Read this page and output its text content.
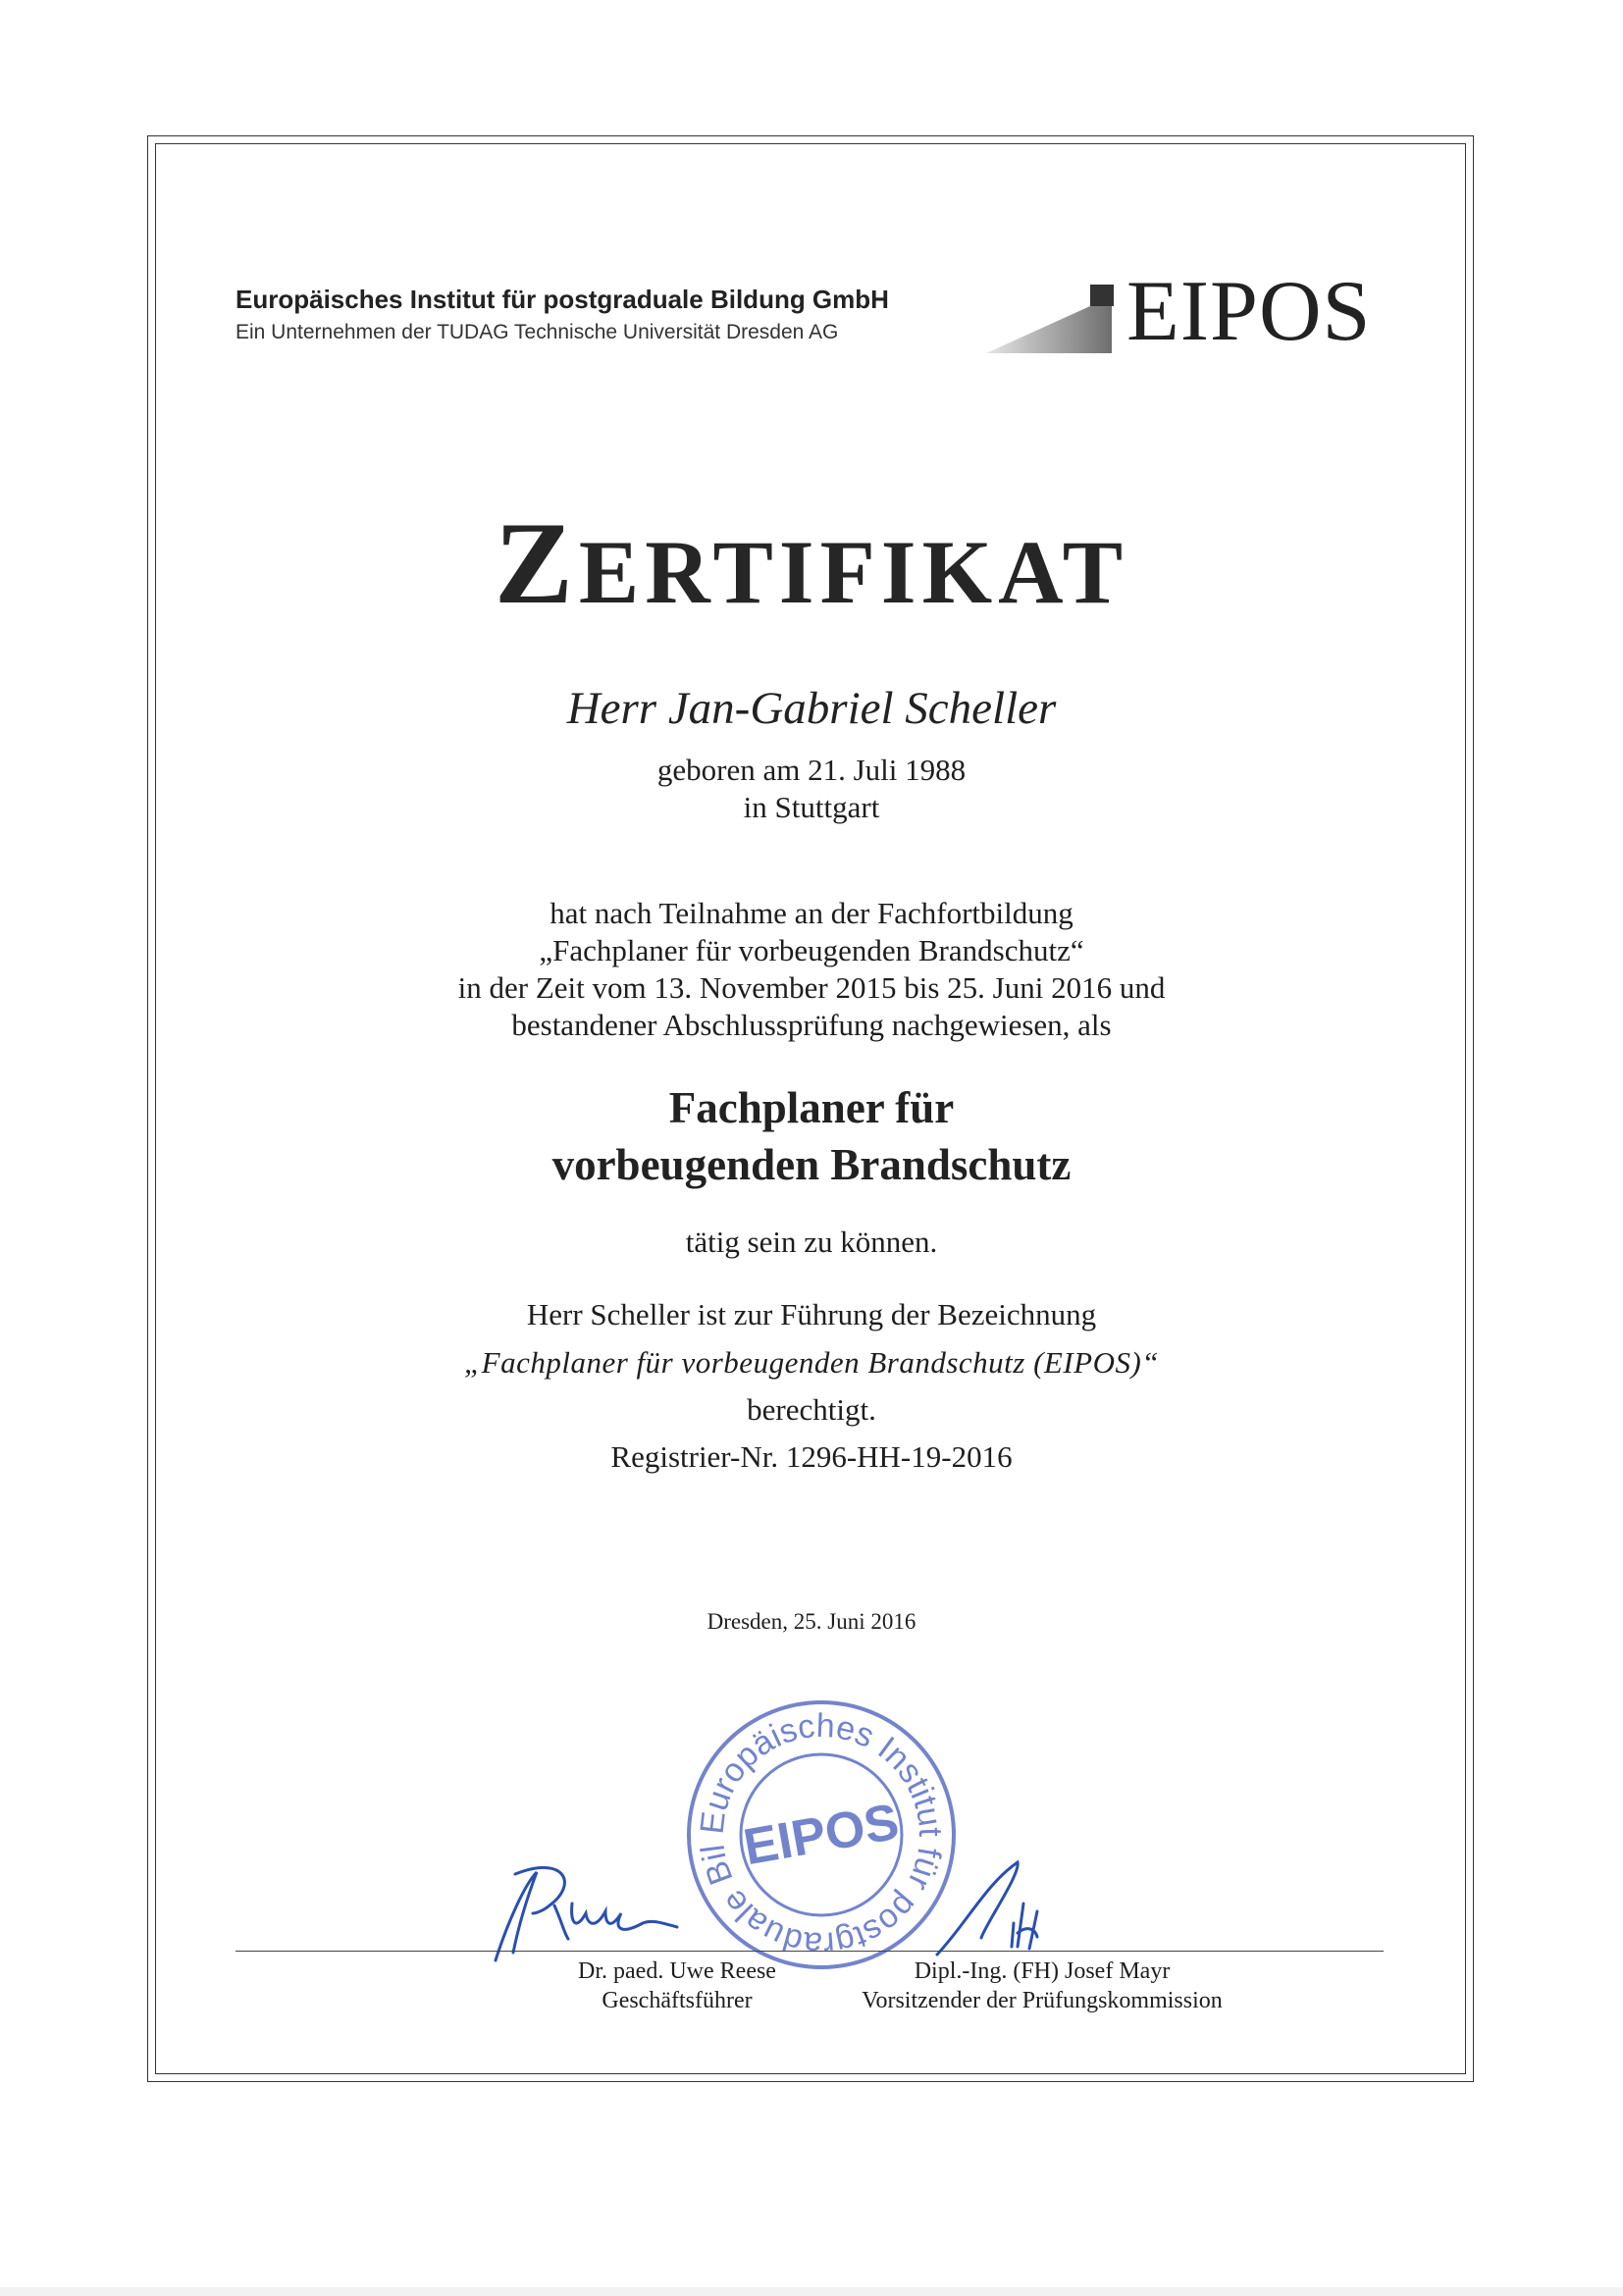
Europäisches Institut für postgraduale Bildung GmbH
Ein Unternehmen der TUDAG Technische Universität Dresden AG	EIPOS
ZERTIFIKAT
Herr Jan-Gabriel Scheller
geboren am 21. Juli 1988
in Stuttgart
hat nach Teilnahme an der Fachfortbildung
„Fachplaner für vorbeugenden Brandschutz“
in der Zeit vom 13. November 2015 bis 25. Juni 2016 und
bestandener Abschlussprüfung nachgewiesen, als
Fachplaner für
vorbeugenden Brandschutz
tätig sein zu können.
Herr Scheller ist zur Führung der Bezeichnung
„Fachplaner für vorbeugenden Brandschutz (EIPOS)“
berechtigt.
Registrier-Nr. 1296-HH-19-2016
Dresden, 25. Juni 2016
Europäisches Institut für postgraduale Bil EIPOS
Dr. paed. Uwe Reese
Geschäftsführer
Dipl.-Ing. (FH) Josef Mayr
Vorsitzender der Prüfungskommission
